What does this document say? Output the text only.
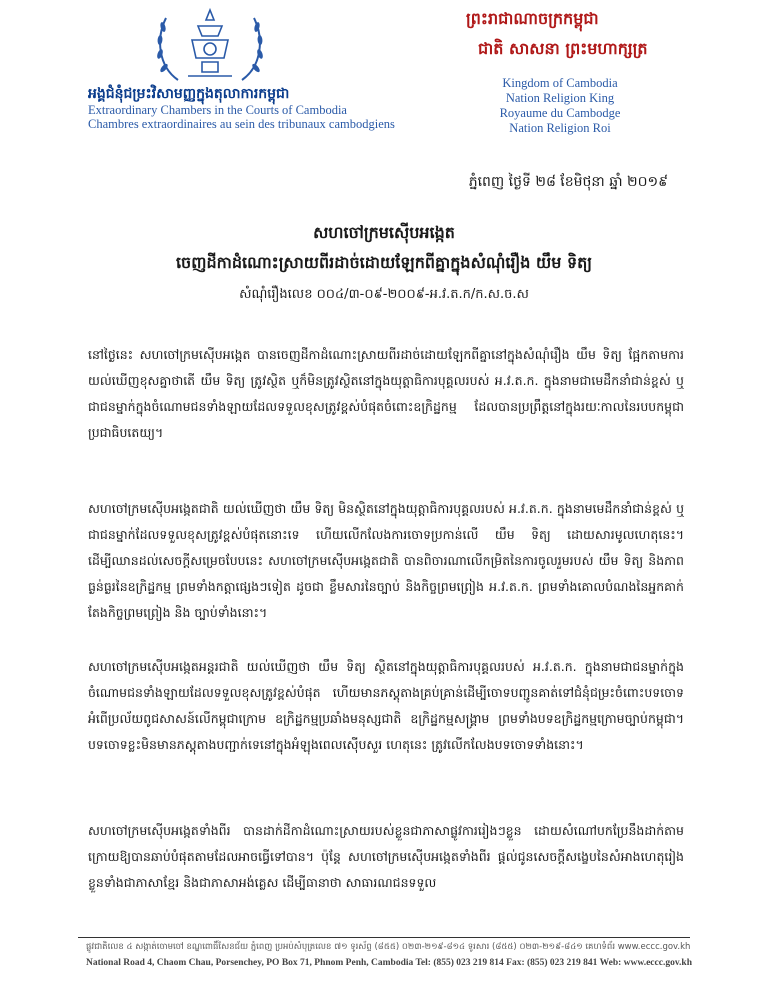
អង្គជំនុំជម្រះវិសាមញ្ញក្នុងតុលាការកម្ពុជា
Extraordinary Chambers in the Courts of Cambodia
Chambres extraordinaires au sein des tribunaux cambodgiens
ព្រះរាជាណាចក្រកម្ពុជា
ជាតិ សាសនា ព្រះមហាក្សត្រ
Kingdom of Cambodia
Nation Religion King
Royaume du Cambodge
Nation Religion Roi
ភ្នំពេញ ថ្ងៃទី ២៨ ខែមិថុនា ឆ្នាំ ២០១៩
សហចៅក្រមស៊ើបអង្កេត
ចេញដីកាដំណោះស្រាយពីរដាច់ដោយឡែកពីគ្នាក្នុងសំណុំរឿង យឹម ទិត្យ
សំណុំរឿងលេខ ០០៤/៣-០៩-២០០៩-អ.វ.ត.ក/ក.ស.ច.ស
នៅថ្ងៃនេះ សហចៅក្រមស៊ើបអង្កេត បានចេញដីកាដំណោះស្រាយពីរដាច់ដោយឡែកពីគ្នានៅក្នុងសំណុំរឿង យឹម ទិត្យ ផ្អែកតាមការយល់ឃើញខុសគ្នាថាតើ យឹម ទិត្យ ត្រូវស្ថិត ឬក៏មិនត្រូវស្ថិតនៅក្នុងយុត្តាធិការបុគ្គលរបស់ អ.វ.ត.ក. ក្នុងនាមជាមេដឹកនាំជាន់ខ្ពស់ ឬជាជនម្នាក់ក្នុងចំណោមជនទាំងឡាយដែលទទួលខុសត្រូវខ្ពស់បំផុតចំពោះឧក្រិដ្ឋកម្ម ដែលបានប្រព្រឹត្តនៅក្នុងរយៈកាលនៃរបបកម្ពុជាប្រជាធិបតេយ្យ។
សហចៅក្រមស៊ើបអង្កេតជាតិ យល់ឃើញថា យឹម ទិត្យ មិនស្ថិតនៅក្នុងយុត្តាធិការបុគ្គលរបស់ អ.វ.ត.ក. ក្នុងនាមមេដឹកនាំជាន់ខ្ពស់ ឬជាជនម្នាក់ដែលទទួលខុសត្រូវខ្ពស់បំផុតនោះទេ ហើយលើកលែងការចោទប្រកាន់លើ យឹម ទិត្យ ដោយសារមូលហេតុនេះ។ ដើម្បីឈានដល់សេចក្តីសម្រេចបែបនេះ សហចៅក្រមស៊ើបអង្កេតជាតិ បានពិចារណាលើកម្រិតនៃការចូលរួមរបស់ យឹម ទិត្យ និងភាពធ្ងន់ធ្ងរនៃឧក្រិដ្ឋកម្ម ព្រមទាំងកត្តាផ្សេងៗទៀត ដូចជា ខ្លឹមសារនៃច្បាប់ និងកិច្ចព្រមព្រៀង អ.វ.ត.ក. ព្រមទាំងគោលបំណងនៃអ្នកគាក់តែងកិច្ចព្រមព្រៀង និង ច្បាប់ទាំងនោះ។
សហចៅក្រមស៊ើបអង្កេតអន្តរជាតិ យល់ឃើញថា យឹម ទិត្យ ស្ថិតនៅក្នុងយុត្តាធិការបុគ្គលរបស់ អ.វ.ត.ក. ក្នុងនាមជាជនម្នាក់ក្នុងចំណោមជនទាំងឡាយដែលទទួលខុសត្រូវខ្ពស់បំផុត ហើយមានភស្តុតាងគ្រប់គ្រាន់ដើម្បីចោទបញ្ជូនគាត់ទៅជំនុំជម្រះចំពោះបទចោទ អំពើប្រល័យពូជសាសន៍លើកម្ពុជាក្រោម ឧក្រិដ្ឋកម្មប្រឆាំងមនុស្សជាតិ ឧក្រិដ្ឋកម្មសង្គ្រាម ព្រមទាំងបទឧក្រិដ្ឋកម្មក្រោមច្បាប់កម្ពុជា។ បទចោទខ្លះមិនមានភស្តុតាងបញ្ជាក់ទេនៅក្នុងអំឡុងពេលស៊ើបសួរ ហេតុនេះ ត្រូវលើកលែងបទចោទទាំងនោះ។
សហចៅក្រមស៊ើបអង្កេតទាំងពីរ បានដាក់ដីកាដំណោះស្រាយរបស់ខ្លួនជាភាសាផ្លូវការរៀងៗខ្លួន ដោយសំណៅបកប្រែនឹងដាក់តាមក្រោយឱ្យបានឆាប់បំផុតតាមដែលអាចធ្វើទៅបាន។ ប៉ុន្តែ សហចៅក្រមស៊ើបអង្កេតទាំងពីរ ផ្តល់ជូនសេចក្តីសង្ខេបនៃសំអាងហេតុរៀងខ្លួនទាំងជាភាសាខ្មែរ និងជាភាសាអង់គ្លេស ដើម្បីធានាថា សាធារណជនទទួល
ផ្លូវជាតិលេខ ៤ សង្កាត់ចោមចៅ ខណ្ឌពោធិ៍សែនជ័យ ភ្នំពេញ ប្រអប់សំបុត្រលេខ ៧១ ទូរស័ព្ទ (៨៥៥) ០២៣-២១៩-៨១៤ ទូរសារ (៨៥៥) ០២៣-២១៩-៨៤១ គេហទំព័រ www.eccc.gov.kh
National Road 4, Chaom Chau, Porsenchey, PO Box 71, Phnom Penh, Cambodia Tel: (855) 023 219 814 Fax: (855) 023 219 841 Web: www.eccc.gov.kh
